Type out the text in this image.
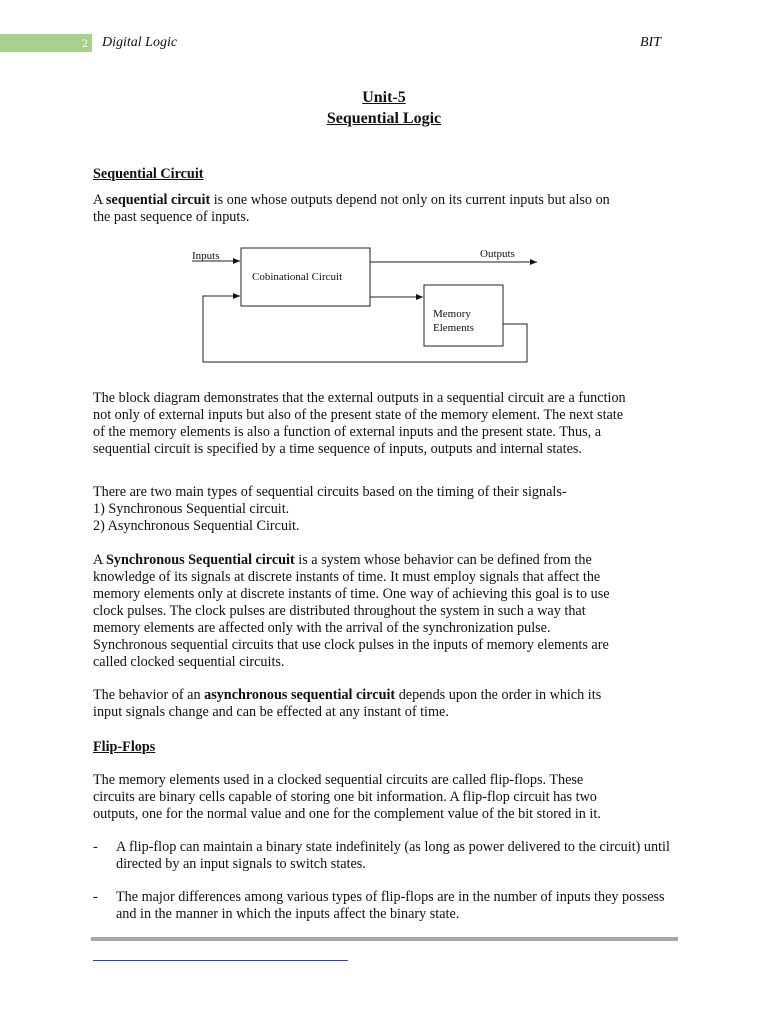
2 Digital Logic	BIT
Unit-5
Sequential Logic
Sequential Circuit
A sequential circuit is one whose outputs depend not only on its current inputs but also on
the past sequence of inputs.
Inputs	Outputs
Cobinational Circuit
Memory
Elements
The block diagram demonstrates that the external outputs in a sequential circuit are a function
not only of external inputs but also of the present state of the memory element. The next state
of the memory elements is also a function of external inputs and the present state. Thus, a
sequential circuit is specified by a time sequence of inputs, outputs and internal states.
There are two main types of sequential circuits based on the timing of their signals-
1) Synchronous Sequential circuit.
2) Asynchronous Sequential Circuit.
A Synchronous Sequential circuit is a system whose behavior can be defined from the
knowledge of its signals at discrete instants of time. It must employ signals that affect the
memory elements only at discrete instants of time. One way of achieving this goal is to use
clock pulses. The clock pulses are distributed throughout the system in such a way that
memory elements are affected only with the arrival of the synchronization pulse.
Synchronous sequential circuits that use clock pulses in the inputs of memory elements are
called clocked sequential circuits.
The behavior of an asynchronous sequential circuit depends upon the order in which its
input signals change and can be effected at any instant of time.
Flip-Flops
The memory elements used in a clocked sequential circuits are called flip-flops. These
circuits are binary cells capable of storing one bit information. A flip-flop circuit has two
outputs, one for the normal value and one for the complement value of the bit stored in it.
- A flip-flop can maintain a binary state indefinitely (as long as power delivered to the circuit) until directed by an input signals to switch states.
- The major differences among various types of flip-flops are in the number of inputs they possess and in the manner in which the inputs affect the binary state.
